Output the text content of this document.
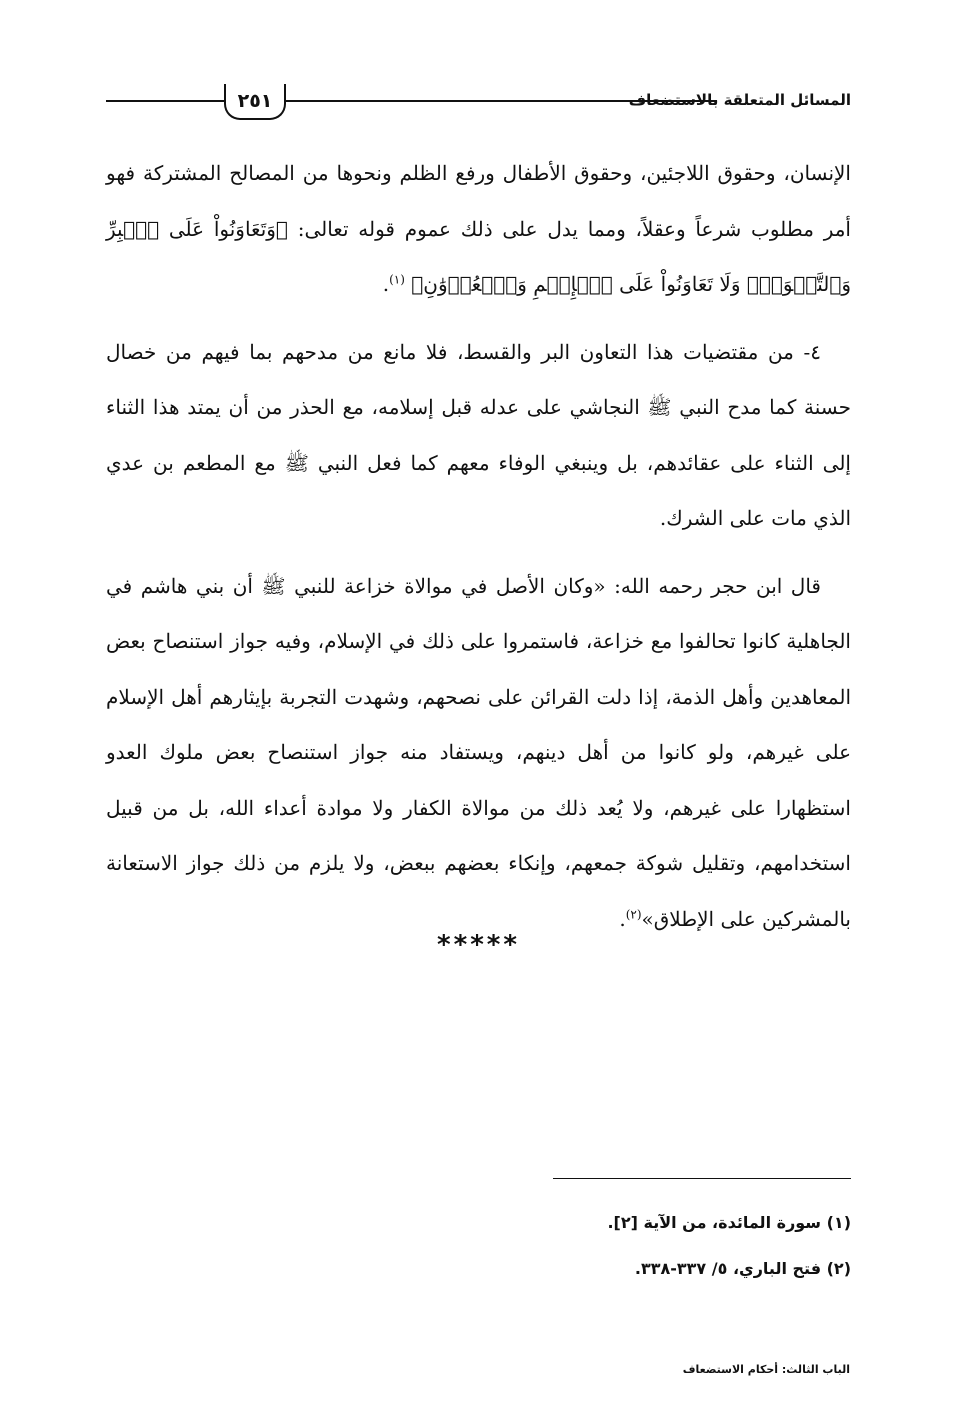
٢٥١	المسائل المتعلقة بالاستضعاف

الإنسان، وحقوق اللاجئين، وحقوق الأطفال ورفع الظلم ونحوها من المصالح المشتركة فهو أمر مطلوب شرعاً وعقلاً، ومما يدل على ذلك عموم قوله تعالى: ﴿وَتَعَاوَنُواْ عَلَى ٱلۡبِرِّ وَٱلتَّقۡوَىٰۖ وَلَا تَعَاوَنُواْ عَلَى ٱلۡإِثۡمِ وَٱلۡعُدۡوَٰنِ﴾ $^{(١)}$.

٤- من مقتضيات هذا التعاون البر والقسط، فلا مانع من مدحهم بما فيهم من خصال حسنة كما مدح النبي ﷺ النجاشي على عدله قبل إسلامه، مع الحذر من أن يمتد هذا الثناء إلى الثناء على عقائدهم، بل وينبغي الوفاء معهم كما فعل النبي ﷺ مع المطعم بن عدي الذي مات على الشرك.

قال ابن حجر رحمه الله: «وكان الأصل في موالاة خزاعة للنبي ﷺ أن بني هاشم في الجاهلية كانوا تحالفوا مع خزاعة، فاستمروا على ذلك في الإسلام، وفيه جواز استنصاح بعض المعاهدين وأهل الذمة، إذا دلت القرائن على نصحهم، وشهدت التجربة بإيثارهم أهل الإسلام على غيرهم، ولو كانوا من أهل دينهم، ويستفاد منه جواز استنصاح بعض ملوك العدو استظهارا على غيرهم، ولا يُعد ذلك من موالاة الكفار ولا موادة أعداء الله، بل من قبيل استخدامهم، وتقليل شوكة جمعهم، وإنكاء بعضهم ببعض، ولا يلزم من ذلك جواز الاستعانة بالمشركين على الإطلاق»$^{(٢)}$.

*****
(١) سورة المائدة، من الآية [٢].
(٢) فتح الباري، ٥/ ٣٣٧-٣٣٨.
الباب الثالث: أحكام الاستضعاف
